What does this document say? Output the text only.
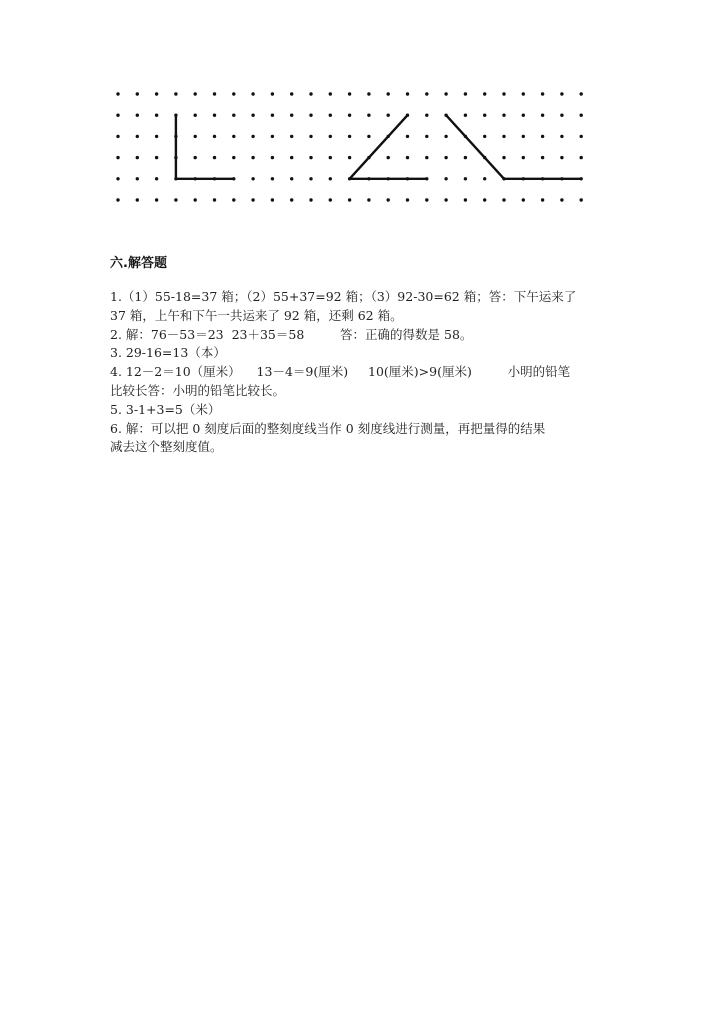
六.解答题
1.（1）55-18=37 箱；（2）55+37=92 箱；（3）92-30=62 箱；答：下午运来了
37 箱，上午和下午一共运来了 92 箱，还剩 62 箱。
2. 解：76－53＝23  23＋35＝58         答：正确的得数是 58。
3. 29-16=13（本）
4. 12－2＝10（厘米）    13－4＝9(厘米)     10(厘米)>9(厘米)         小明的铅笔
比较长答：小明的铅笔比较长。
5. 3-1+3=5（米）
6. 解：可以把 0 刻度后面的整刻度线当作 0 刻度线进行测量，再把量得的结果
减去这个整刻度值。
